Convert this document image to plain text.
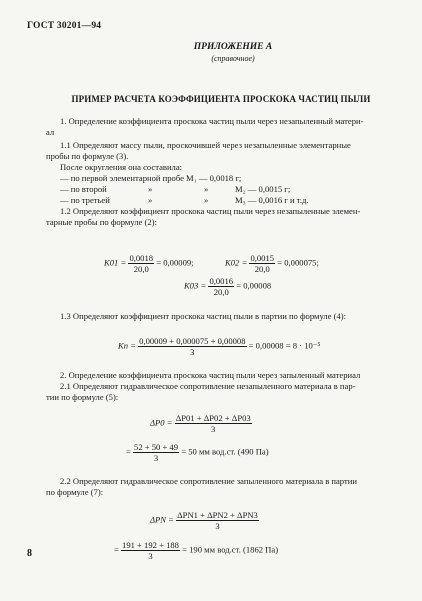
ГОСТ 30201—94
ПРИЛОЖЕНИЕ А
(справочное)
ПРИМЕР РАСЧЕТА КОЭФФИЦИЕНТА ПРОСКОКА ЧАСТИЦ ПЫЛИ
1. Определение коэффициента проскока частиц пыли через незапыленный матери-
ал
1.1 Определяют массу пыли, проскочившей через незапыленные элементарные
пробы по формуле (3).
После округления она составила:
— по первой элементарной пробе M₁ — 0,0018 г;
— по второй	»	»	M₂ — 0,0015 г;
— по третьей	»	»	M₃ — 0,0016 г и т.д.
1.2 Определяют коэффициент проскока частиц пыли через незапыленные элемен-
тарные пробы по формуле (2):
$K01 = \frac{0,0018}{20,0} = 0,00009$;	$K02 = \frac{0,0015}{20,0} = 0,000075$;
$K03 = \frac{0,0016}{20,0} = 0,00008$
1.3 Определяют коэффициент проскока частиц пыли в партии по формуле (4):
Kп = $\frac{0,00009 + 0,000075 + 0,00008}{3} = 0,00008 = 8 \cdot 10^{-5}$
2. Определение коэффициента проскока частиц пыли через запыленный материал
2.1 Определяют гидравлическое сопротивление незапыленного материала в пар-
тии по формуле (5):
$\Delta P0 = \frac{\Delta P01 + \Delta P02 + \Delta P03}{3}$
= $\frac{52 + 50 + 49}{3} = 50$ мм вод.ст. (490 Па)
2.2 Определяют гидравлическое сопротивление запыленного материала в партии
по формуле (7):
$\Delta PN = \frac{\text{ΔPN1 + ΔPN2 + ΔPN3}}{3}$
= $\frac{191 + 192 + 188}{3} = 190$ мм вод.ст. (1862 Па)
8
